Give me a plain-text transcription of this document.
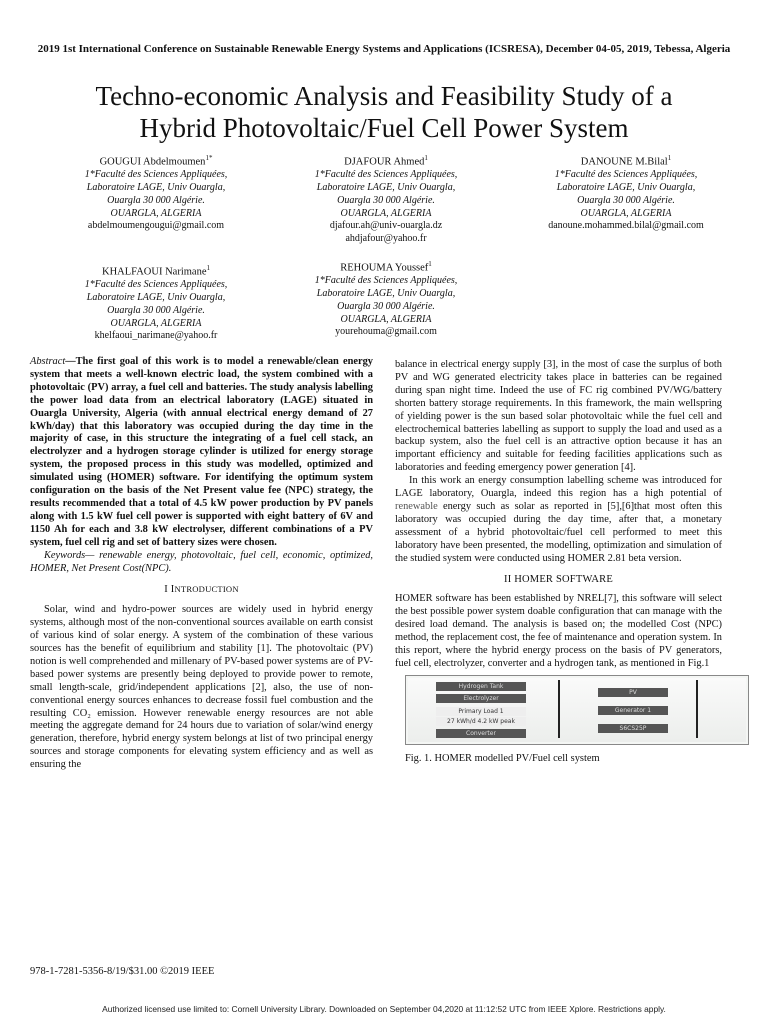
2019 1st International Conference on Sustainable Renewable Energy Systems and Applications (ICSRESA), December 04-05, 2019, Tebessa, Algeria
Techno-economic Analysis and Feasibility Study of a
Hybrid Photovoltaic/Fuel Cell Power System
GOUGUI Abdelmoumen$^{1*}$
1*Faculté des Sciences Appliquées,
Laboratoire LAGE, Univ Ouargla,
Ouargla 30 000 Algérie.
OUARGLA, ALGERIA
abdelmoumengougui@gmail.com
DJAFOUR Ahmed$^1$
1*Faculté des Sciences Appliquées,
Laboratoire LAGE, Univ Ouargla,
Ouargla 30 000 Algérie.
OUARGLA, ALGERIA
djafour.ah@univ-ouargla.dz
ahdjafour@yahoo.fr
DANOUNE M.Bilal$^1$
1*Faculté des Sciences Appliquées,
Laboratoire LAGE, Univ Ouargla,
Ouargla 30 000 Algérie.
OUARGLA, ALGERIA
danoune.mohammed.bilal@gmail.com
KHALFAOUI Narimane$^1$
1*Faculté des Sciences Appliquées,
Laboratoire LAGE, Univ Ouargla,
Ouargla 30 000 Algérie.
OUARGLA, ALGERIA
khelfaoui_narimane@yahoo.fr
REHOUMA Youssef$^1$
1*Faculté des Sciences Appliquées,
Laboratoire LAGE, Univ Ouargla,
Ouargla 30 000 Algérie.
OUARGLA, ALGERIA
yourehouma@gmail.com

Abstract—The first goal of this work is to model a renewable/clean energy system that meets a well-known electric load, the system combined with a photovoltaic (PV) array, a fuel cell and batteries. The study analysis labelling the power load data from an electrical laboratory (LAGE) situated in Ouargla University, Algeria (with annual electrical energy demand of 27 kWh/day) that this laboratory was occupied during the day time in the majority of case, in this structure the integrating of a fuel cell stack, an electrolyzer and a hydrogen storage cylinder is utilized for energy storage system, the proposed process in this study was modelled, optimized and simulated using (HOMER) software. For identifying the optimum system configuration on the basis of the Net Present value fee (NPC) strategy, the results recommended that a total of 4.5 kW power production by PV panels along with 1.5 kW fuel cell power is supported with eight battery of 6V and 1150 Ah for each and 3.8 kW electrolyser, different combinations of a PV system, fuel cell rig and set of battery sizes were chosen.

Keywords— renewable energy, photovoltaic, fuel cell, economic, optimized, HOMER, Net Present Cost(NPC).

I INTRODUCTION

Solar, wind and hydro-power sources are widely used in hybrid energy systems, although most of the non-conventional sources available on earth consist of various kind of solar energy. A system of the combination of these various sources has the benefit of equilibrium and stability [1]. The photovoltaic (PV) notion is well comprehended and millenary of PV-based power systems are of PV-based power systems are presently being deployed to provide power to remote, small length-scale, grid/independent applications [2], also, the use of non- conventional energy sources enhances to decrease fossil fuel combustion and the resulting CO₂ emission. However renewable energy resources are not able meeting the aggregate demand for 24 hours due to variation of solar/wind energy generation, therefore, hybrid energy system belongs at list of two principal energy sources and storage components for elevating system efficiency and as well as ensuring the

balance in electrical energy supply [3], in the most of case the surplus of both PV and WG generated electricity takes place in batteries can be regained during span night time. Indeed the use of FC rig combined PV/WG/battery shorten battery storage requirements. In this framework, the main wellspring of yielding power is the sun based solar photovoltaic while the fuel cell and electrochemical batteries labelling as support to supply the load and used as a backup system, also the fuel cell is an attractive option because it has an important efficiency and suitable for feeding facilities applications such as laboratories and feeding emergency power generation [4].

In this work an energy consumption labelling scheme was introduced for LAGE laboratory, Ouargla, indeed this region has a high potential of renewable energy such as solar as reported in [5],[6]that most often this laboratory was occupied during the day time, after that, a monetary assessment of a hybrid photovoltaic/fuel cell performed to meet this laboratory have been presented, the modelling, optimization and simulation of the studied system were conducted using HOMER 2.81 beta version.

II HOMER SOFTWARE

HOMER software has been established by NREL[7], this software will select the best possible power system doable configuration that can manage with the desired load demand. The analysis is based on; the modelled Cost (NPC) method, the replacement cost, the fee of maintenance and operation system. In this report, where the hybrid energy process on the basis of PV generators, fuel cell, electrolyzer, converter and a hydrogen tank, as mentioned in Fig.1

Hydrogen Tank
Electrolyzer
Primary Load 1
27 kWh/d 4.2 kW peak
Converter
PV
Generator 1
S6CS25P
Fig. 1. HOMER modelled PV/Fuel cell system
978-1-7281-5356-8/19/$31.00 ©2019 IEEE
Authorized licensed use limited to: Cornell University Library. Downloaded on September 04,2020 at 11:12:52 UTC from IEEE Xplore. Restrictions apply.
